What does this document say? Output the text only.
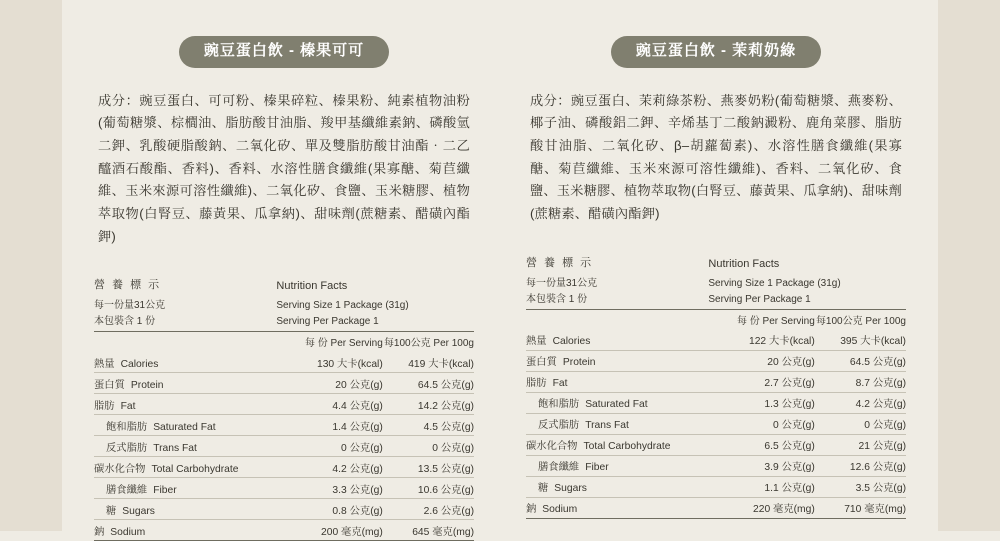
豌豆蛋白飲 - 榛果可可

成分：豌豆蛋白、可可粉、榛果碎粒、榛果粉、純素植物油粉(葡萄糖漿、棕櫚油、脂肪酸甘油脂、羧甲基纖維素鈉、磷酸氫二鉀、乳酸硬脂酸鈉、二氧化矽、單及雙脂肪酸甘油酯‧二乙醯酒石酸酯、香料)、香料、水溶性膳食纖維(果寡醣、菊苣纖維、玉米來源可溶性纖維)、二氧化矽、食鹽、玉米糖膠、植物萃取物(白腎豆、藤黃果、瓜拿納)、甜味劑(蔗糖素、醋磺內酯鉀)

營 養 標 示	Nutrition Facts	
每一份量31公克	Serving Size 1 Package (31g)	
本包裝含 1 份	Serving Per Package 1	

	每 份 Per Serving	每100公克 Per 100g
熱量 Calories	130 大卡(kcal)	419 大卡(kcal)
蛋白質 Protein	20 公克(g)	64.5 公克(g)
脂肪 Fat	4.4 公克(g)	14.2 公克(g)
飽和脂肪 Saturated Fat	1.4 公克(g)	4.5 公克(g)
反式脂肪 Trans Fat	0 公克(g)	0 公克(g)
碳水化合物 Total Carbohydrate	4.2 公克(g)	13.5 公克(g)
膳食纖維 Fiber	3.3 公克(g)	10.6 公克(g)
糖 Sugars	0.8 公克(g)	2.6 公克(g)
鈉 Sodium	200 毫克(mg)	645 毫克(mg)
豌豆蛋白飲 - 茉莉奶綠

成分：豌豆蛋白、茉莉綠茶粉、燕麥奶粉(葡萄糖漿、燕麥粉、椰子油、磷酸鋁二鉀、辛烯基丁二酸鈉澱粉、鹿角菜膠、脂肪酸甘油脂、二氧化矽、β–胡蘿蔔素)、水溶性膳食纖維(果寡醣、菊苣纖維、玉米來源可溶性纖維)、香料、二氧化矽、食鹽、玉米糖膠、植物萃取物(白腎豆、藤黃果、瓜拿納)、甜味劑(蔗糖素、醋磺內酯鉀)

營 養 標 示	Nutrition Facts	
每一份量31公克	Serving Size 1 Package (31g)	
本包裝含 1 份	Serving Per Package 1	

	每 份 Per Serving	每100公克 Per 100g
熱量 Calories	122 大卡(kcal)	395 大卡(kcal)
蛋白質 Protein	20 公克(g)	64.5 公克(g)
脂肪 Fat	2.7 公克(g)	8.7 公克(g)
飽和脂肪 Saturated Fat	1.3 公克(g)	4.2 公克(g)
反式脂肪 Trans Fat	0 公克(g)	0 公克(g)
碳水化合物 Total Carbohydrate	6.5 公克(g)	21 公克(g)
膳食纖維 Fiber	3.9 公克(g)	12.6 公克(g)
糖 Sugars	1.1 公克(g)	3.5 公克(g)
鈉 Sodium	220 毫克(mg)	710 毫克(mg)
